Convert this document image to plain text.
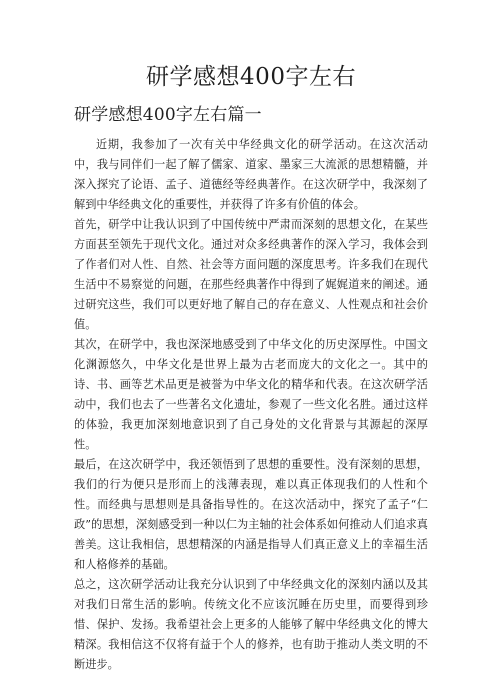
研学感想400字左右
研学感想400字左右篇一

近期，我参加了一次有关中华经典文化的研学活动。在这次活动中，我与同伴们一起了解了儒家、道家、墨家三大流派的思想精髓，并深入探究了论语、孟子、道德经等经典著作。在这次研学中，我深刻了解到中华经典文化的重要性，并获得了许多有价值的体会。

首先，研学中让我认识到了中国传统中严肃而深刻的思想文化，在某些方面甚至领先于现代文化。通过对众多经典著作的深入学习，我体会到了作者们对人性、自然、社会等方面问题的深度思考。许多我们在现代生活中不易察觉的问题，在那些经典著作中得到了娓娓道来的阐述。通过研究这些，我们可以更好地了解自己的存在意义、人性观点和社会价值。

其次，在研学中，我也深深地感受到了中华文化的历史深厚性。中国文化渊源悠久，中华文化是世界上最为古老而庞大的文化之一。其中的诗、书、画等艺术品更是被誉为中华文化的精华和代表。在这次研学活动中，我们也去了一些著名文化遗址，参观了一些文化名胜。通过这样的体验，我更加深刻地意识到了自己身处的文化背景与其源起的深厚性。

最后，在这次研学中，我还领悟到了思想的重要性。没有深刻的思想，我们的行为便只是形而上的浅薄表现，难以真正体现我们的人性和个性。而经典与思想则是具备指导性的。在这次活动中，探究了孟子“仁政”的思想，深刻感受到一种以仁为主轴的社会体系如何推动人们追求真善美。这让我相信，思想精深的内涵是指导人们真正意义上的幸福生活和人格修养的基础。

总之，这次研学活动让我充分认识到了中华经典文化的深刻内涵以及其对我们日常生活的影响。传统文化不应该沉睡在历史里，而要得到珍惜、保护、发扬。我希望社会上更多的人能够了解中华经典文化的博大精深。我相信这不仅将有益于个人的修养，也有助于推动人类文明的不断进步。
